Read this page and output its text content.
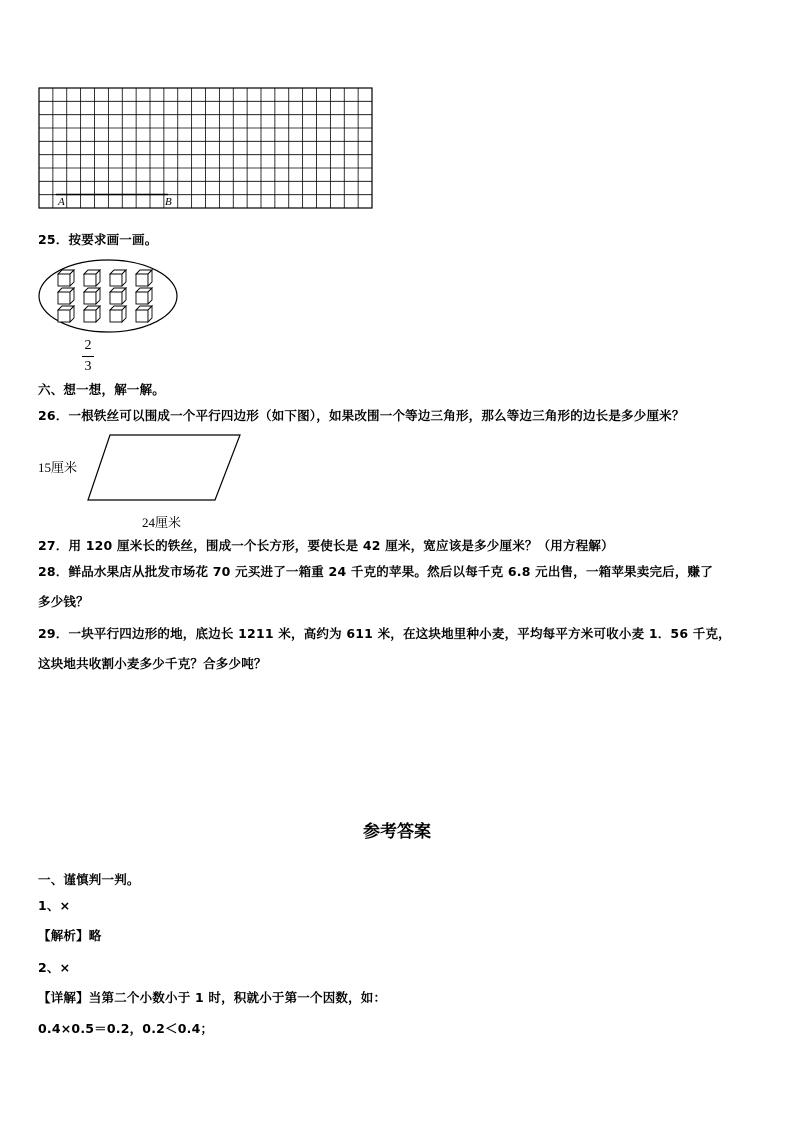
A	B
25．按要求画一画。
2
3
六、想一想，解一解。
26．一根铁丝可以围成一个平行四边形（如下图），如果改围一个等边三角形，那么等边三角形的边长是多少厘米？
15厘米
24厘米
27．用 120 厘米长的铁丝，围成一个长方形，要使长是 42 厘米，宽应该是多少厘米？（用方程解）
28．鲜品水果店从批发市场花 70 元买进了一箱重 24 千克的苹果。然后以每千克 6.8 元出售，一箱苹果卖完后，赚了
多少钱？
29．一块平行四边形的地，底边长 1211 米，高约为 611 米，在这块地里种小麦，平均每平方米可收小麦 1．56 千克，
这块地共收割小麦多少千克？合多少吨？
参考答案
一、谨慎判一判。
1、×
【解析】略
2、×
【详解】当第二个小数小于 1 时，积就小于第一个因数，如：
0.4×0.5＝0.2，0.2＜0.4；
